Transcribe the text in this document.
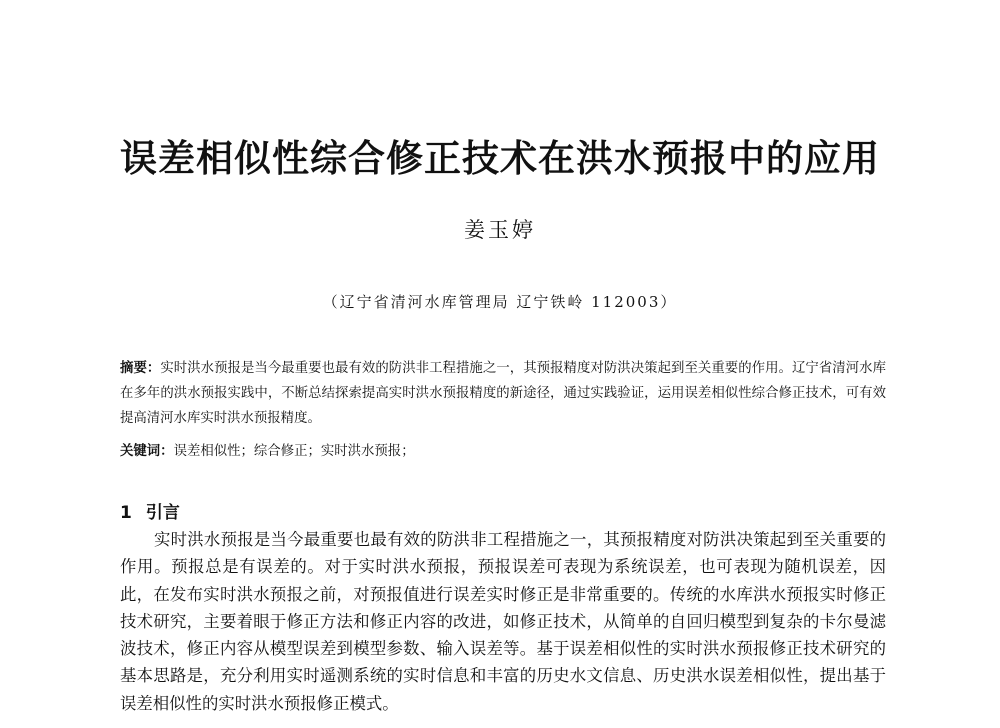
误差相似性综合修正技术在洪水预报中的应用
姜玉婷
（辽宁省清河水库管理局 辽宁铁岭 112003）

摘要：实时洪水预报是当今最重要也最有效的防洪非工程措施之一，其预报精度对防洪决策起到至关重要的作用。辽宁省清河水库在多年的洪水预报实践中，不断总结探索提高实时洪水预报精度的新途径，通过实践验证，运用误差相似性综合修正技术，可有效提高清河水库实时洪水预报精度。

关键词：误差相似性；综合修正；实时洪水预报；
1 引言

实时洪水预报是当今最重要也最有效的防洪非工程措施之一，其预报精度对防洪决策起到至关重要的作用。预报总是有误差的。对于实时洪水预报，预报误差可表现为系统误差，也可表现为随机误差，因此，在发布实时洪水预报之前，对预报值进行误差实时修正是非常重要的。传统的水库洪水预报实时修正技术研究，主要着眼于修正方法和修正内容的改进，如修正技术，从简单的自回归模型到复杂的卡尔曼滤波技术，修正内容从模型误差到模型参数、输入误差等。基于误差相似性的实时洪水预报修正技术研究的基本思路是，充分利用实时遥测系统的实时信息和丰富的历史水文信息、历史洪水误差相似性，提出基于误差相似性的实时洪水预报修正模式。
